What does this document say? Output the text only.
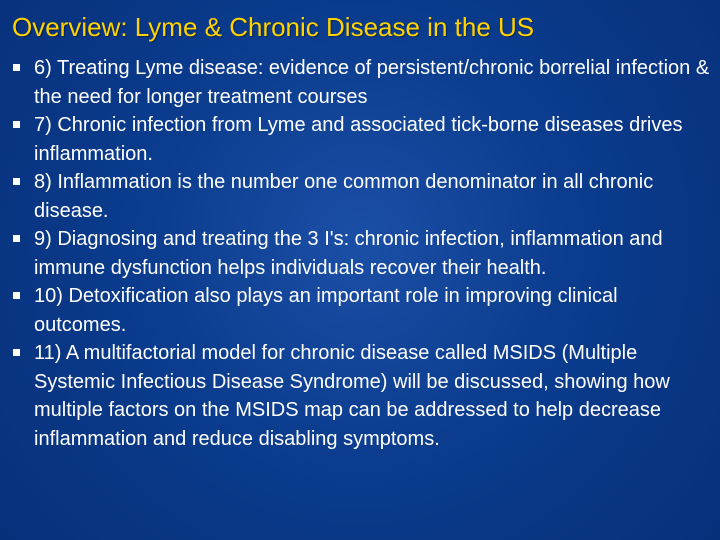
Overview: Lyme & Chronic Disease in the US
6) Treating Lyme disease: evidence of persistent/chronic borrelial infection & the need for longer treatment courses
7) Chronic infection from Lyme and associated tick-borne diseases drives inflammation.
8) Inflammation is the number one common denominator in all chronic disease.
9) Diagnosing and treating the 3 I's: chronic infection, inflammation and immune dysfunction helps individuals recover their health.
10) Detoxification also plays an important role in improving clinical outcomes.
11) A multifactorial model for chronic disease called MSIDS (Multiple Systemic Infectious Disease Syndrome) will be discussed, showing how multiple factors on the MSIDS map can be addressed to help decrease inflammation and reduce disabling symptoms.
